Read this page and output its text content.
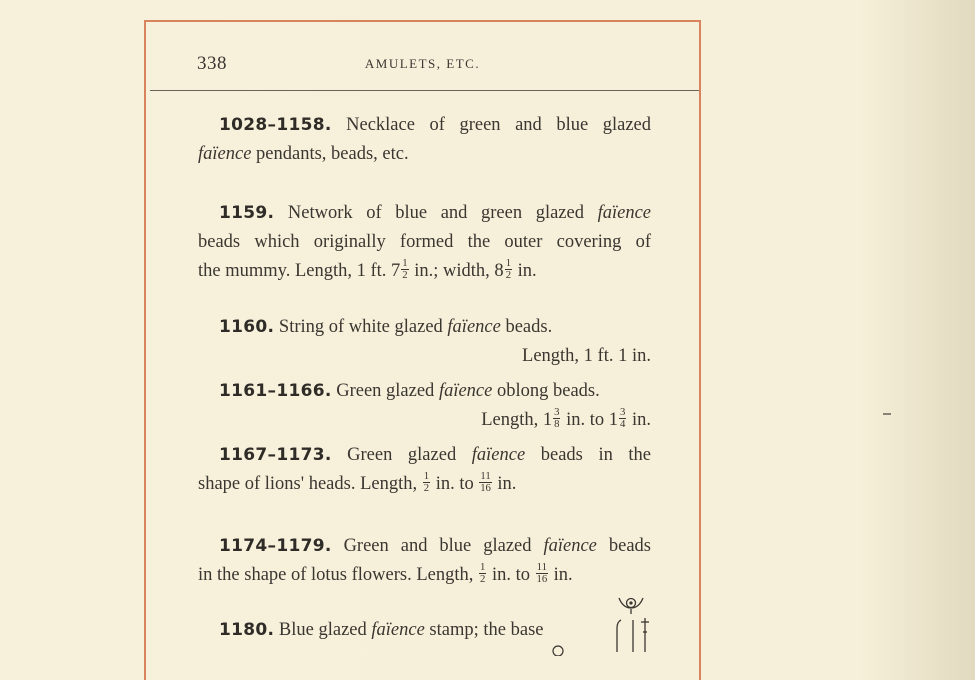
338	AMULETS, ETC.
1028–1158. Necklace of green and blue glazed
faïence pendants, beads, etc.
1159. Network of blue and green glazed faïence
beads which originally formed the outer covering of
the mummy. Length, 1 ft. $7 \frac{1}{2}$ in.; width, $8 \frac{1}{2}$ in.
1160. String of white glazed faïence beads.
Length, 1 ft. 1 in.
1161–1166. Green glazed faïence oblong beads.
Length, $1 \frac{3}{8}$ in. to $1 \frac{3}{4}$ in.
1167–1173. Green glazed faïence beads in the
shape of lions' heads. Length, $\frac{1}{2}$ in. to $\frac{11}{16}$ in.
1174–1179. Green and blue glazed faïence beads
in the shape of lotus flowers. Length, $\frac{1}{2}$ in. to $\frac{11}{16}$ in.
1180. Blue glazed faïence stamp; the base
